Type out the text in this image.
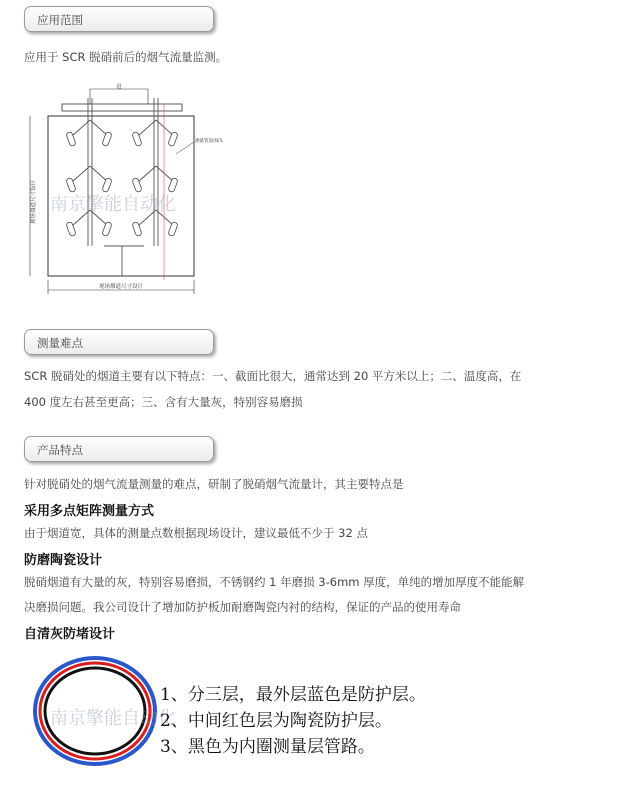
应用范围
应用于 SCR 脱硝前后的烟气流量监测。
进
现场烟道尺寸设计
现场烟道尺寸设计
测量管道/探头
南京擎能自动化
测量难点
SCR 脱硝处的烟道主要有以下特点：一、截面比很大，通常达到 20 平方米以上；二、温度高，在
400 度左右甚至更高；三、含有大量灰，特别容易磨损
产品特点
针对脱硝处的烟气流量测量的难点，研制了脱硝烟气流量计，其主要特点是
采用多点矩阵测量方式
由于烟道宽，具体的测量点数根据现场设计，建议最低不少于 32 点
防磨陶瓷设计
脱硝烟道有大量的灰，特别容易磨损，不锈钢约 1 年磨损 3-6mm 厚度，单纯的增加厚度不能能解
决磨损问题。我公司设计了增加防护板加耐磨陶瓷内衬的结构，保证的产品的使用寿命
自清灰防堵设计
南京擎能自动化
1、分三层，最外层蓝色是防护层。
2、中间红色层为陶瓷防护层。
3、黑色为内圈测量层管路。
